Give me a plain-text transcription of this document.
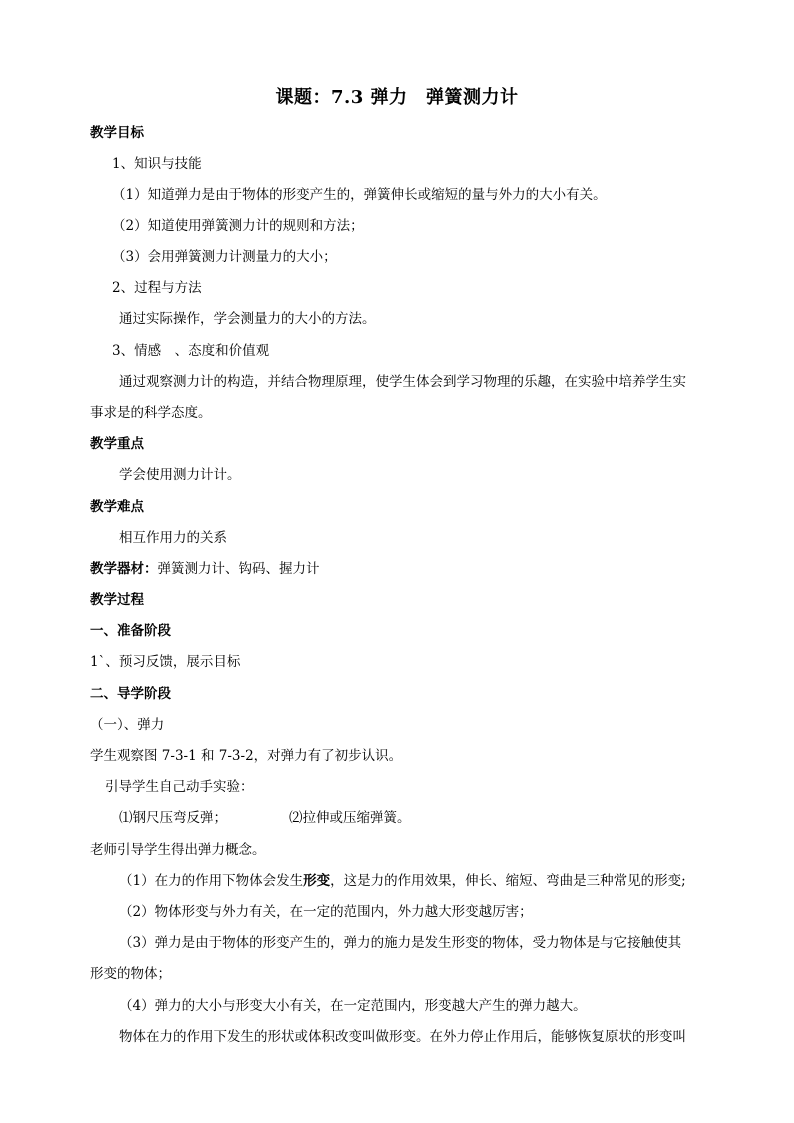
课题：7.3 弹力　弹簧测力计
教学目标
1、知识与技能
（1）知道弹力是由于物体的形变产生的，弹簧伸长或缩短的量与外力的大小有关。
（2）知道使用弹簧测力计的规则和方法；
（3）会用弹簧测力计测量力的大小；
2、过程与方法
通过实际操作，学会测量力的大小的方法。
3、情感　、态度和价值观
通过观察测力计的构造，并结合物理原理，使学生体会到学习物理的乐趣，在实验中培养学生实
事求是的科学态度。
教学重点
学会使用测力计计。
教学难点
相互作用力的关系
教学器材：弹簧测力计、钩码、握力计
教学过程
一、准备阶段
1`、预习反馈，展示目标
二、导学阶段
（一）、弹力
学生观察图 7-3-1 和 7-3-2，对弹力有了初步认识。
引导学生自己动手实验：
⑴钢尺压弯反弹；	⑵拉伸或压缩弹簧。
老师引导学生得出弹力概念。
（1）在力的作用下物体会发生形变，这是力的作用效果，伸长、缩短、弯曲是三种常见的形变;
（2）物体形变与外力有关，在一定的范围内，外力越大形变越厉害；
（3）弹力是由于物体的形变产生的，弹力的施力是发生形变的物体，受力物体是与它接触使其
形变的物体；
（4）弹力的大小与形变大小有关，在一定范围内，形变越大产生的弹力越大。
物体在力的作用下发生的形状或体积改变叫做形变。在外力停止作用后，能够恢复原状的形变叫
